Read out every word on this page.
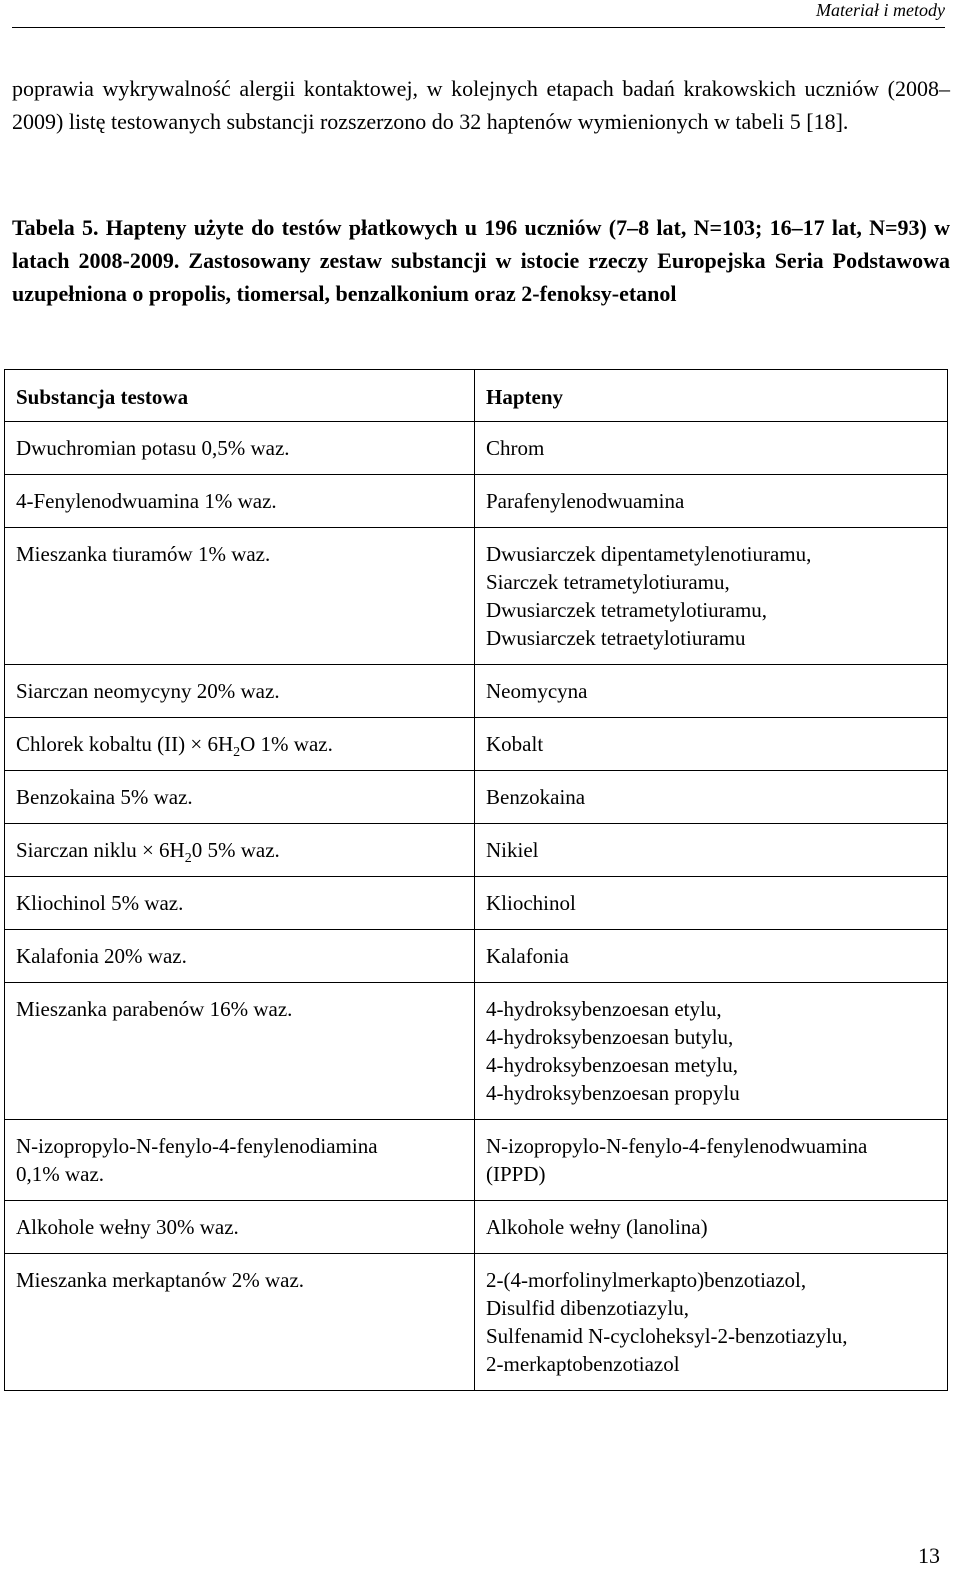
Materiał i metody

poprawia wykrywalność alergii kontaktowej, w kolejnych etapach badań krakowskich uczniów (2008–2009) listę testowanych substancji rozszerzono do 32 haptenów wymienionych w tabeli 5 [18].

Tabela 5. Hapteny użyte do testów płatkowych u 196 uczniów (7–8 lat, N=103; 16–17 lat, N=93) w latach 2008-2009. Zastosowany zestaw substancji w istocie rzeczy Europejska Seria Podstawowa uzupełniona o propolis, tiomersal, benzalkonium oraz 2-fenoksy-etanol

Substancja testowa	Hapteny

Dwuchromian potasu 0,5% waz.	Chrom

4-Fenylenodwuamina 1% waz.	Parafenylenodwuamina

Mieszanka tiuramów 1% waz.	Dwusiarczek dipentametylenotiuramu,
Siarczek tetrametylotiuramu,
Dwusiarczek tetrametylotiuramu,
Dwusiarczek tetraetylotiuramu

Siarczan neomycyny 20% waz.	Neomycyna

Chlorek kobaltu $(II) \times 6H_2O$ 1% waz.	Kobalt

Benzokaina 5% waz.	Benzokaina

Siarczan niklu × $6H_20$ 5% waz.	Nikiel

Kliochinol 5% waz.	Kliochinol

Kalafonia 20% waz.	Kalafonia

Mieszanka parabenów 16% waz.	4-hydroksybenzoesan etylu,
4-hydroksybenzoesan butylu,
4-hydroksybenzoesan metylu,
4-hydroksybenzoesan propylu

N-izopropylo-N-fenylo-4-fenylenodiamina
0,1% waz.	N-izopropylo-N-fenylo-4-fenylenodwuamina
(IPPD)

Alkohole wełny 30% waz.	Alkohole wełny (lanolina)

Mieszanka merkaptanów 2% waz.	2-(4-morfolinylmerkapto)benzotiazol,
Disulfid dibenzotiazylu,
Sulfenamid N-cycloheksyl-2-benzotiazylu,
2-merkaptobenzotiazol
13
